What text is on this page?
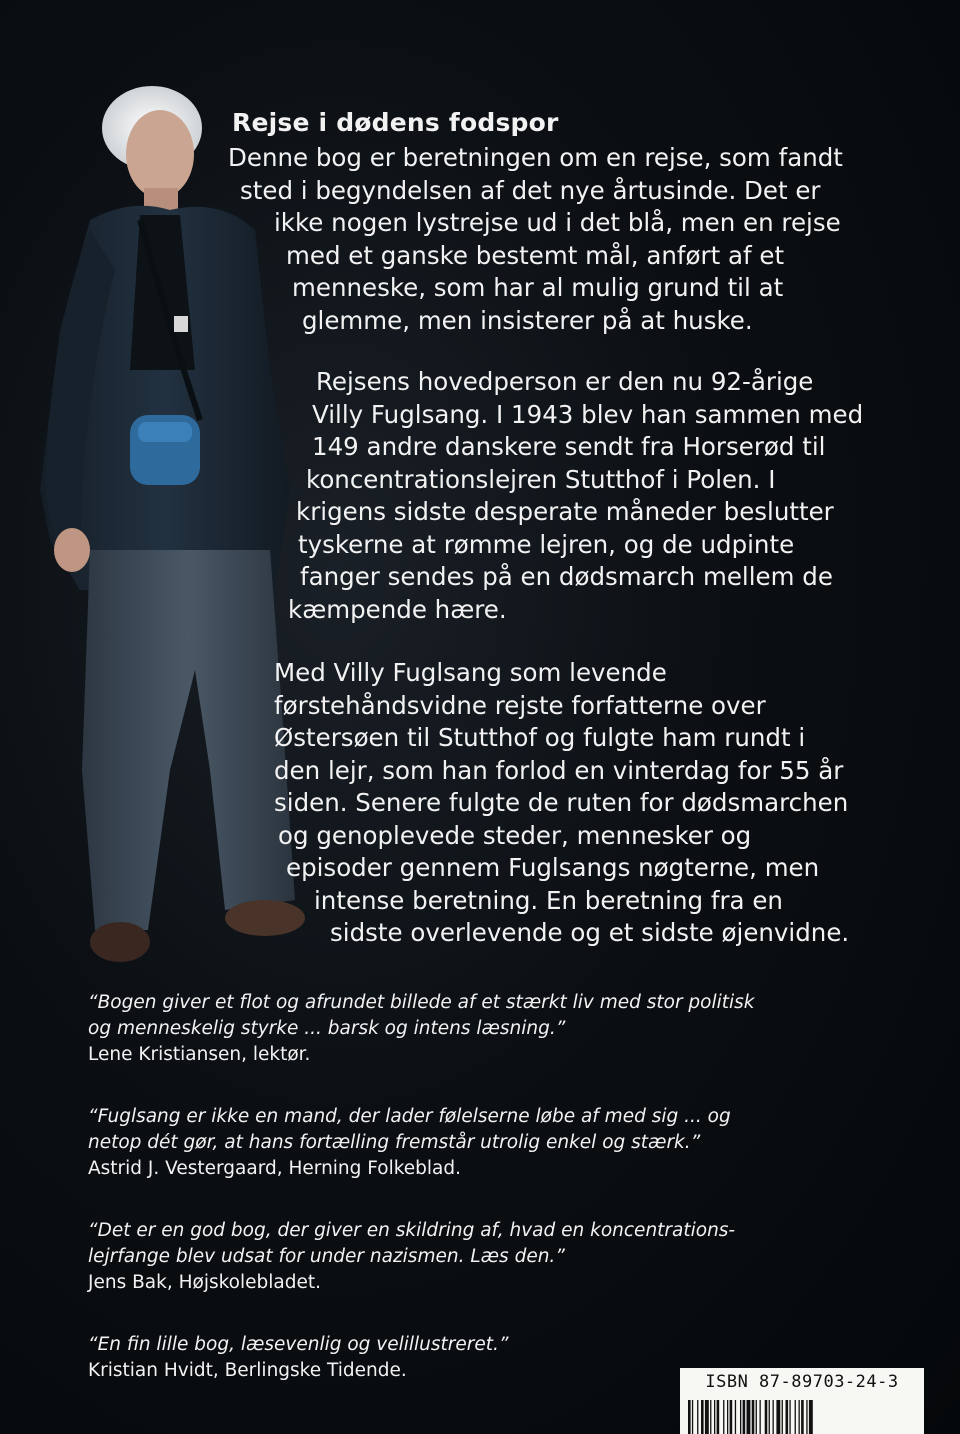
Rejse i dødens fodspor
Denne bog er beretningen om en rejse, som fandt
sted i begyndelsen af det nye årtusinde. Det er
ikke nogen lystrejse ud i det blå, men en rejse
med et ganske bestemt mål, anført af et
menneske, som har al mulig grund til at
glemme, men insisterer på at huske.
Rejsens hovedperson er den nu 92-årige
Villy Fuglsang. I 1943 blev han sammen med
149 andre danskere sendt fra Horserød til
koncentrationslejren Stutthof i Polen. I
krigens sidste desperate måneder beslutter
tyskerne at rømme lejren, og de udpinte
fanger sendes på en dødsmarch mellem de
kæmpende hære.
Med Villy Fuglsang som levende
førstehåndsvidne rejste forfatterne over
Østersøen til Stutthof og fulgte ham rundt i
den lejr, som han forlod en vinterdag for 55 år
siden. Senere fulgte de ruten for dødsmarchen
og genoplevede steder, mennesker og
episoder gennem Fuglsangs nøgterne, men
intense beretning. En beretning fra en
sidste overlevende og et sidste øjenvidne.
“Bogen giver et flot og afrundet billede af et stærkt liv med stor politisk
og menneskelig styrke ... barsk og intens læsning.”
Lene Kristiansen, lektør.
“Fuglsang er ikke en mand, der lader følelserne løbe af med sig ... og
netop dét gør, at hans fortælling fremstår utrolig enkel og stærk.”
Astrid J. Vestergaard, Herning Folkeblad.
“Det er en god bog, der giver en skildring af, hvad en koncentrations-
lejrfange blev udsat for under nazismen. Læs den.”
Jens Bak, Højskolebladet.
“En fin lille bog, læsevenlig og velillustreret.”
Kristian Hvidt, Berlingske Tidende.
ISBN 87-89703-24-3
